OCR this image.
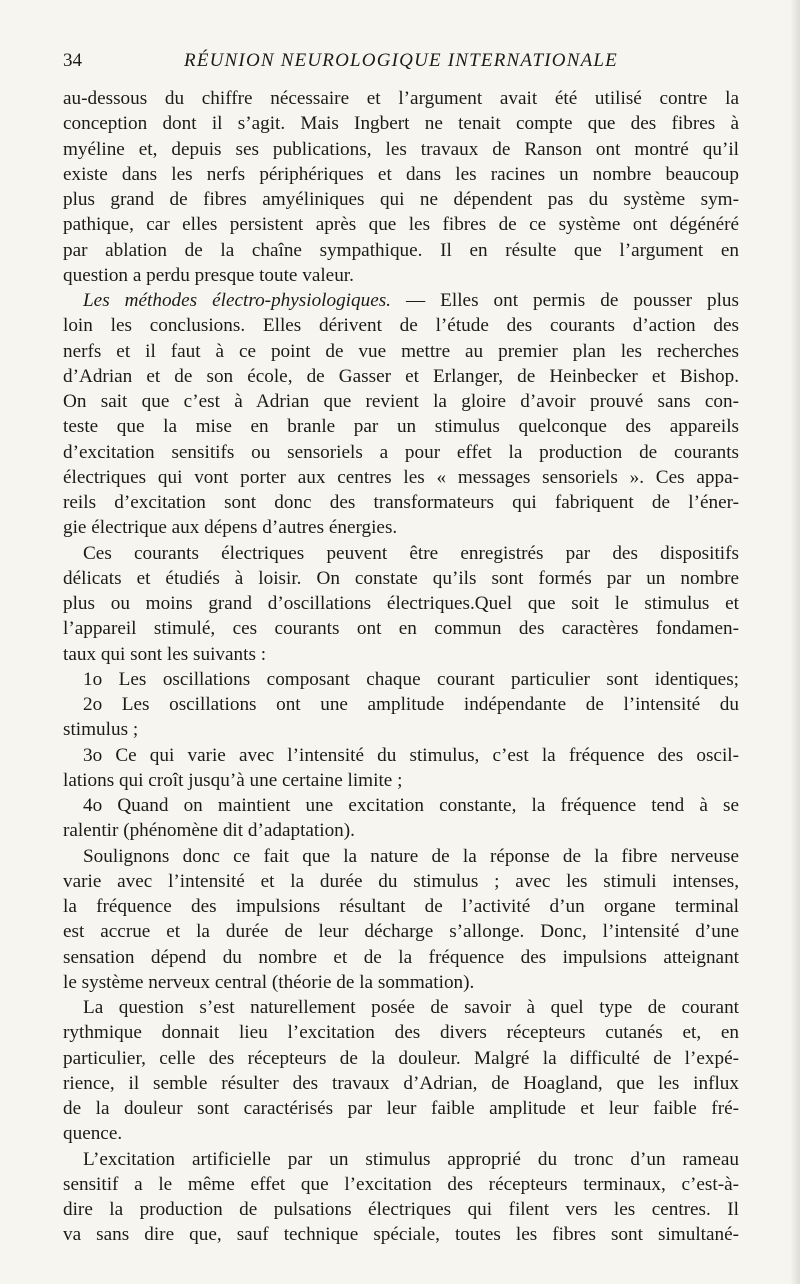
34	RÉUNION NEUROLOGIQUE INTERNATIONALE
au-dessous du chiffre nécessaire et l’argument avait été utilisé contre la
conception dont il s’agit. Mais Ingbert ne tenait compte que des fibres à
myéline et, depuis ses publications, les travaux de Ranson ont montré qu’il
existe dans les nerfs périphériques et dans les racines un nombre beaucoup
plus grand de fibres amyéliniques qui ne dépendent pas du système sym-
pathique, car elles persistent après que les fibres de ce système ont dégénéré
par ablation de la chaîne sympathique. Il en résulte que l’argument en
question a perdu presque toute valeur.
Les méthodes électro-physiologiques. — Elles ont permis de pousser plus
loin les conclusions. Elles dérivent de l’étude des courants d’action des
nerfs et il faut à ce point de vue mettre au premier plan les recherches
d’Adrian et de son école, de Gasser et Erlanger, de Heinbecker et Bishop.
On sait que c’est à Adrian que revient la gloire d’avoir prouvé sans con-
teste que la mise en branle par un stimulus quelconque des appareils
d’excitation sensitifs ou sensoriels a pour effet la production de courants
électriques qui vont porter aux centres les « messages sensoriels ». Ces appa-
reils d’excitation sont donc des transformateurs qui fabriquent de l’éner-
gie électrique aux dépens d’autres énergies.
Ces courants électriques peuvent être enregistrés par des dispositifs
délicats et étudiés à loisir. On constate qu’ils sont formés par un nombre
plus ou moins grand d’oscillations électriques.Quel que soit le stimulus et
l’appareil stimulé, ces courants ont en commun des caractères fondamen-
taux qui sont les suivants :
1o Les oscillations composant chaque courant particulier sont identiques;
2o Les oscillations ont une amplitude indépendante de l’intensité du
stimulus ;
3o Ce qui varie avec l’intensité du stimulus, c’est la fréquence des oscil-
lations qui croît jusqu’à une certaine limite ;
4o Quand on maintient une excitation constante, la fréquence tend à se
ralentir (phénomène dit d’adaptation).
Soulignons donc ce fait que la nature de la réponse de la fibre nerveuse
varie avec l’intensité et la durée du stimulus ; avec les stimuli intenses,
la fréquence des impulsions résultant de l’activité d’un organe terminal
est accrue et la durée de leur décharge s’allonge. Donc, l’intensité d’une
sensation dépend du nombre et de la fréquence des impulsions atteignant
le système nerveux central (théorie de la sommation).
La question s’est naturellement posée de savoir à quel type de courant
rythmique donnait lieu l’excitation des divers récepteurs cutanés et, en
particulier, celle des récepteurs de la douleur. Malgré la difficulté de l’expé-
rience, il semble résulter des travaux d’Adrian, de Hoagland, que les influx
de la douleur sont caractérisés par leur faible amplitude et leur faible fré-
quence.
L’excitation artificielle par un stimulus approprié du tronc d’un rameau
sensitif a le même effet que l’excitation des récepteurs terminaux, c’est-à-
dire la production de pulsations électriques qui filent vers les centres. Il
va sans dire que, sauf technique spéciale, toutes les fibres sont simultané-
